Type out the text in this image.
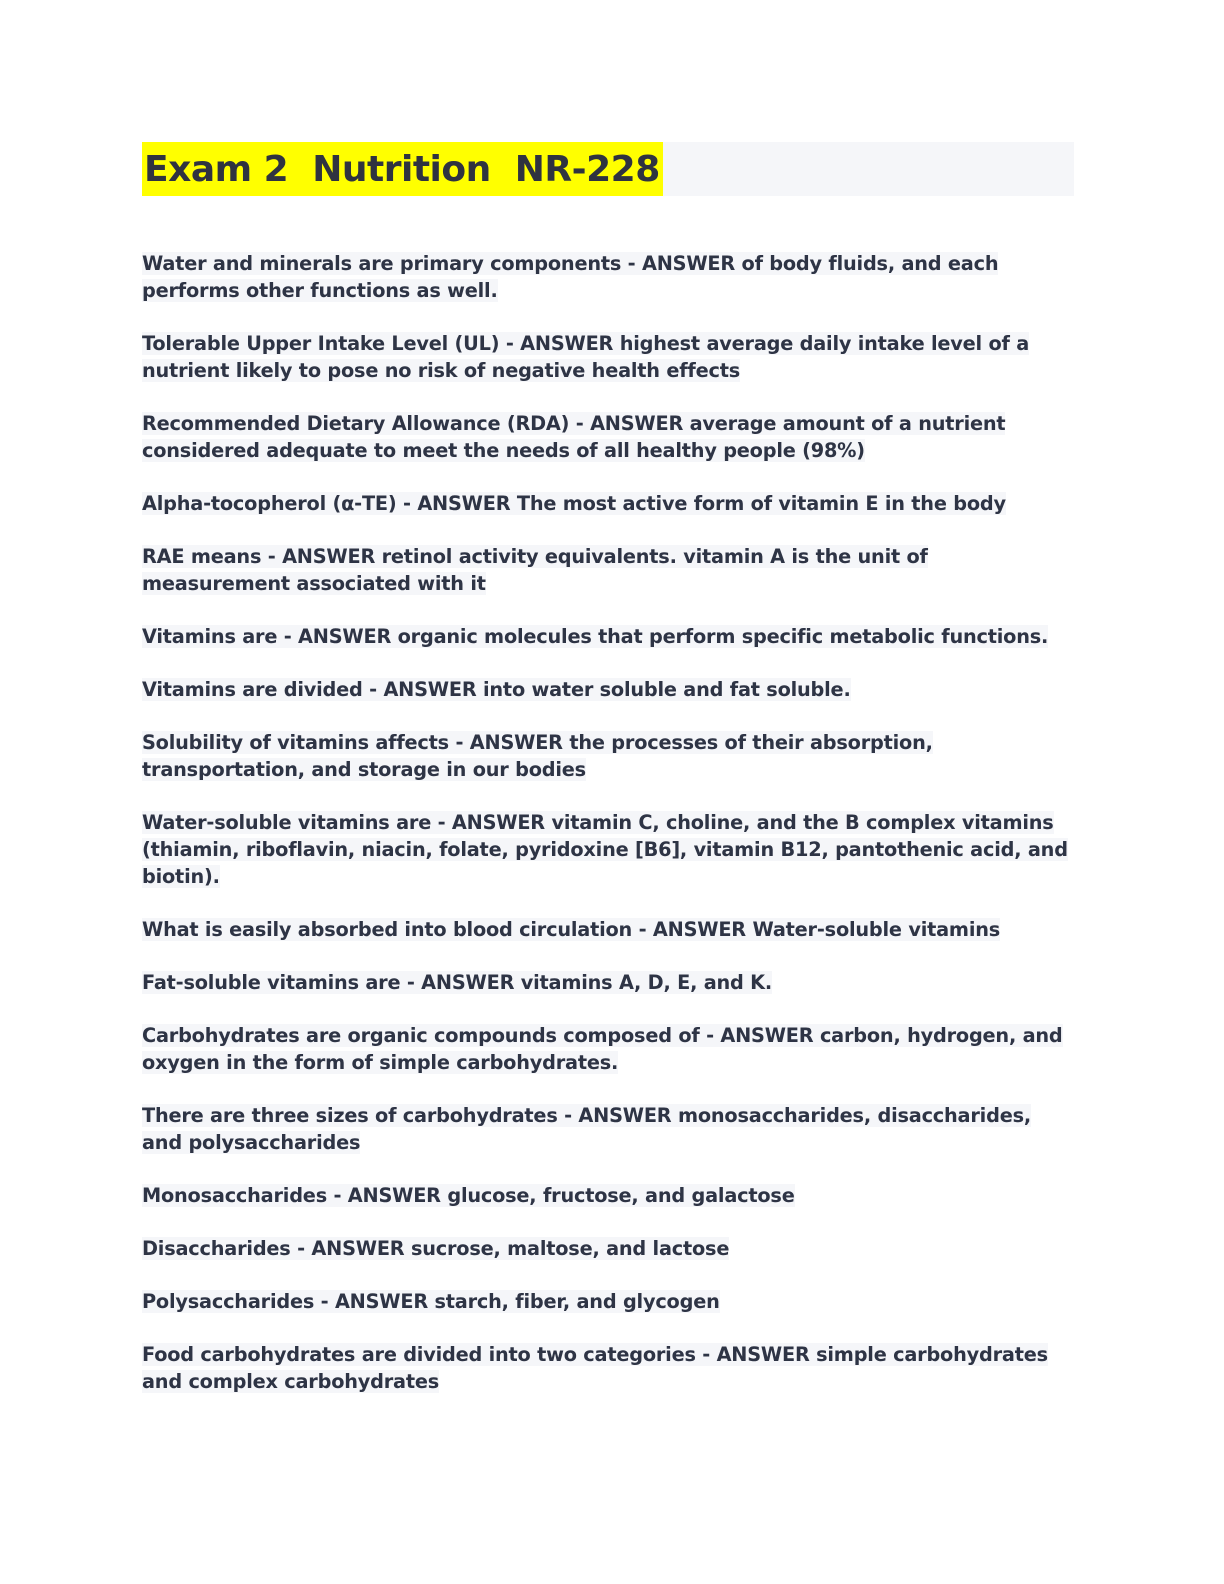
Exam 2  Nutrition  NR-228

Water and minerals are primary components - ANSWER of body fluids, and each performs other functions as well.

Tolerable Upper Intake Level (UL) - ANSWER highest average daily intake level of a nutrient likely to pose no risk of negative health effects

Recommended Dietary Allowance (RDA) - ANSWER average amount of a nutrient considered adequate to meet the needs of all healthy people (98%)

Alpha-tocopherol (α-TE) - ANSWER The most active form of vitamin E in the body

RAE means - ANSWER retinol activity equivalents. vitamin A is the unit of measurement associated with it

Vitamins are - ANSWER organic molecules that perform specific metabolic functions.

Vitamins are divided - ANSWER into water soluble and fat soluble.

Solubility of vitamins affects - ANSWER the processes of their absorption, transportation, and storage in our bodies

Water-soluble vitamins are - ANSWER vitamin C, choline, and the B complex vitamins (thiamin, riboflavin, niacin, folate, pyridoxine [B6], vitamin B12, pantothenic acid, and biotin).

What is easily absorbed into blood circulation - ANSWER Water-soluble vitamins

Fat-soluble vitamins are - ANSWER vitamins A, D, E, and K.

Carbohydrates are organic compounds composed of - ANSWER carbon, hydrogen, and oxygen in the form of simple carbohydrates.

There are three sizes of carbohydrates - ANSWER monosaccharides, disaccharides, and polysaccharides

Monosaccharides - ANSWER glucose, fructose, and galactose

Disaccharides - ANSWER sucrose, maltose, and lactose

Polysaccharides - ANSWER starch, fiber, and glycogen

Food carbohydrates are divided into two categories - ANSWER simple carbohydrates and complex carbohydrates
